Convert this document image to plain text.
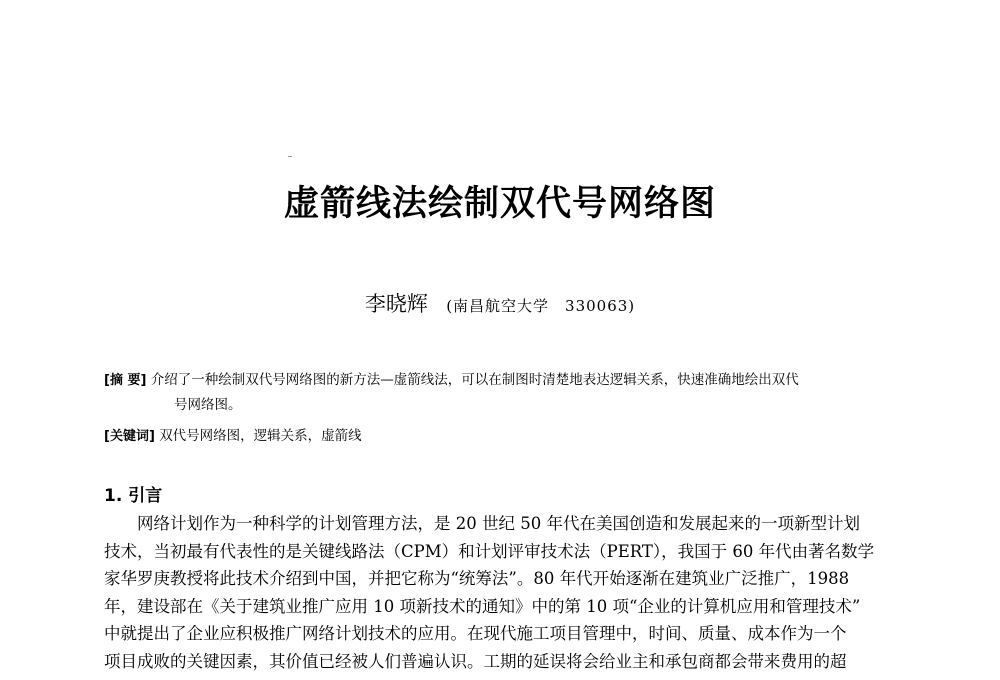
虚箭线法绘制双代号网络图
李晓辉 (南昌航空大学　330063)
[摘 要] 介绍了一种绘制双代号网络图的新方法—虚箭线法，可以在制图时清楚地表达逻辑关系，快速准确地绘出双代
号网络图。
[关键词] 双代号网络图，逻辑关系，虚箭线
1. 引言
网络计划作为一种科学的计划管理方法，是 20 世纪 50 年代在美国创造和发展起来的一项新型计划
技术，当初最有代表性的是关键线路法（CPM）和计划评审技术法（PERT），我国于 60 年代由著名数学
家华罗庚教授将此技术介绍到中国，并把它称为“统筹法”。80 年代开始逐渐在建筑业广泛推广，1988
年，建设部在《关于建筑业推广应用 10 项新技术的通知》中的第 10 项“企业的计算机应用和管理技术”
中就提出了企业应积极推广网络计划技术的应用。在现代施工项目管理中，时间、质量、成本作为一个
项目成败的关键因素，其价值已经被人们普遍认识。工期的延误将会给业主和承包商都会带来费用的超
